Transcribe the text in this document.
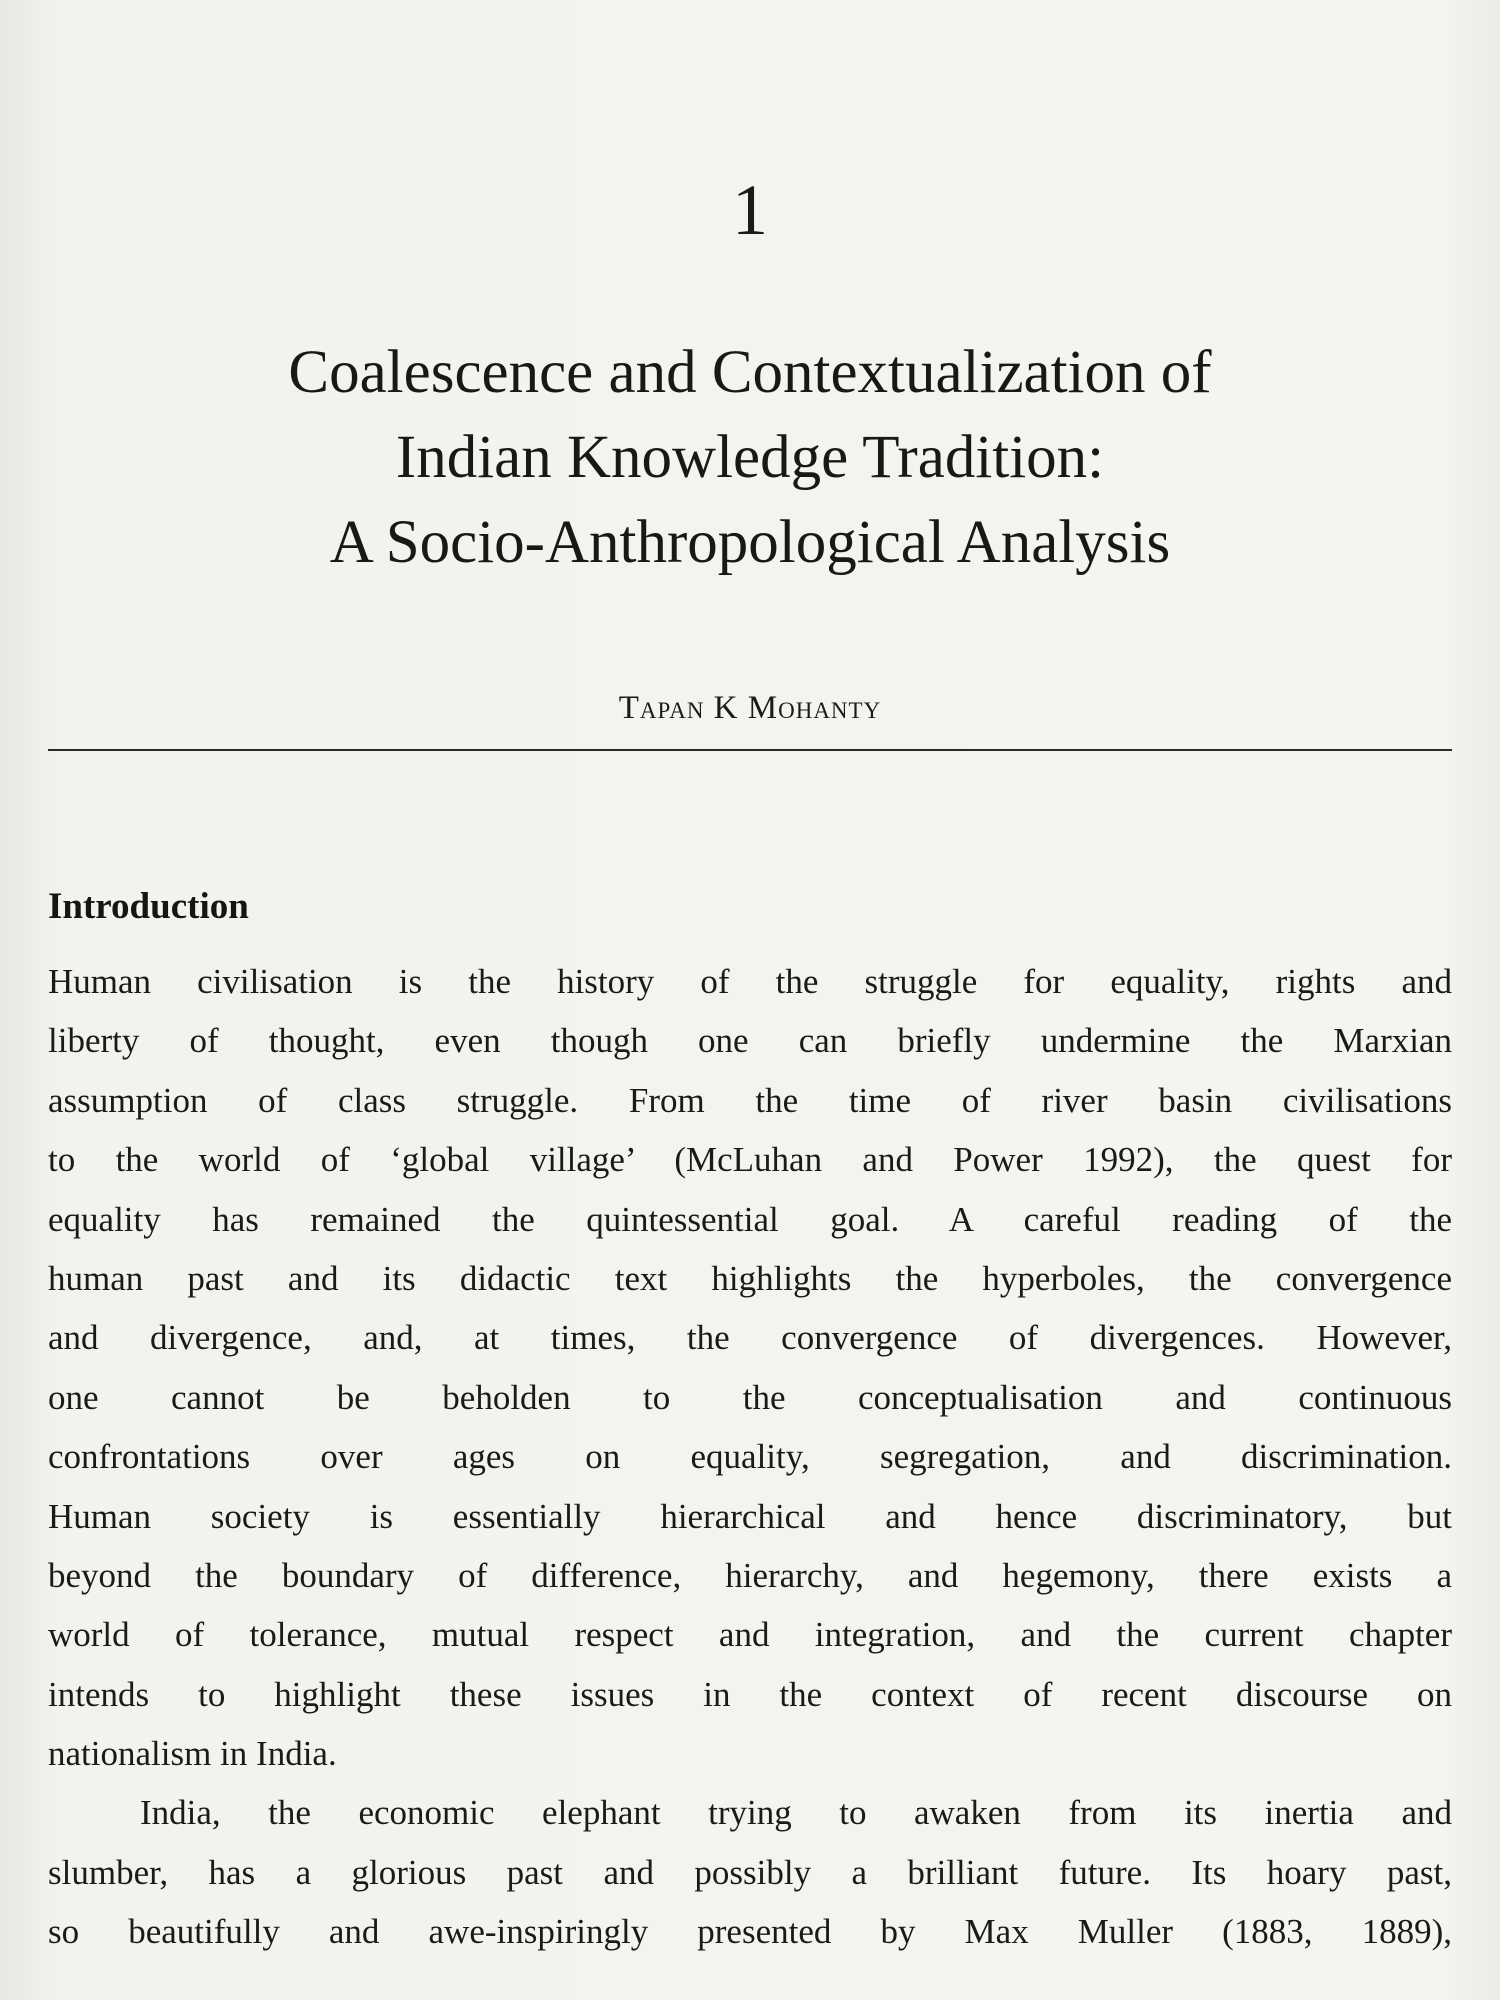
1
Coalescence and Contextualization of
Indian Knowledge Tradition:
A Socio-Anthropological Analysis
Tapan K Mohanty
Introduction
Human civilisation is the history of the struggle for equality, rights and
liberty of thought, even though one can briefly undermine the Marxian
assumption of class struggle. From the time of river basin civilisations
to the world of ‘global village’ (McLuhan and Power 1992), the quest for
equality has remained the quintessential goal. A careful reading of the
human past and its didactic text highlights the hyperboles, the convergence
and divergence, and, at times, the convergence of divergences. However,
one cannot be beholden to the conceptualisation and continuous
confrontations over ages on equality, segregation, and discrimination.
Human society is essentially hierarchical and hence discriminatory, but
beyond the boundary of difference, hierarchy, and hegemony, there exists a
world of tolerance, mutual respect and integration, and the current chapter
intends to highlight these issues in the context of recent discourse on
nationalism in India.
India, the economic elephant trying to awaken from its inertia and
slumber, has a glorious past and possibly a brilliant future. Its hoary past,
so beautifully and awe-inspiringly presented by Max Muller (1883, 1889),
